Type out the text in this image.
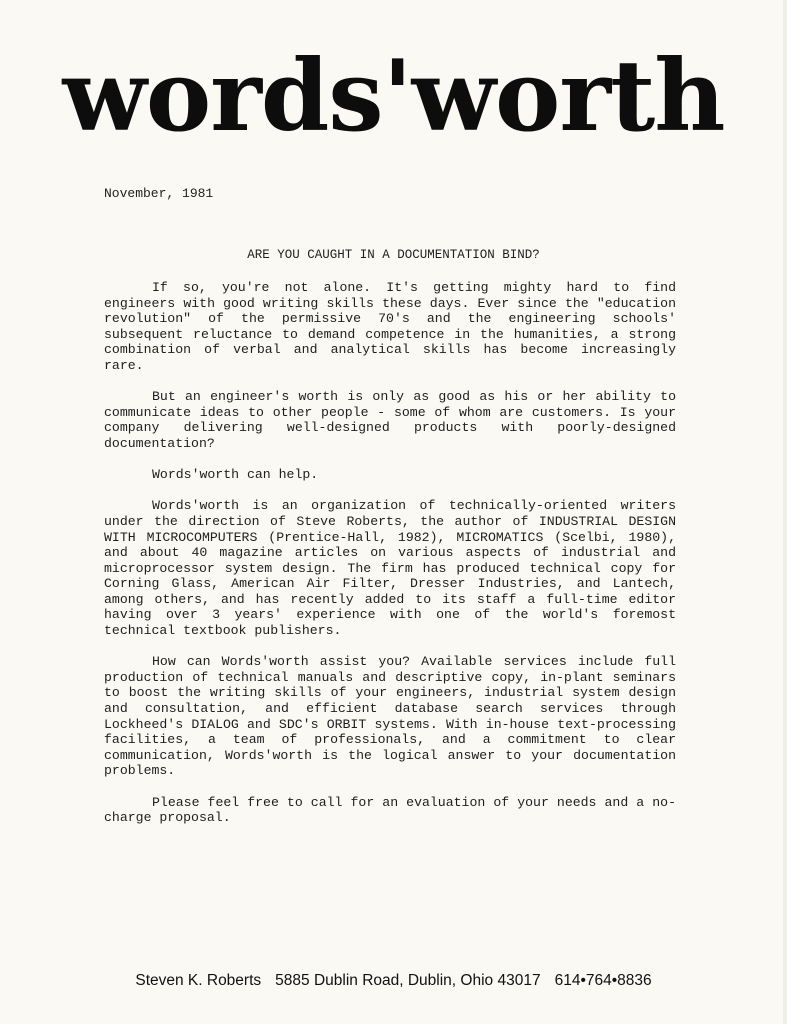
words'worth
November, 1981
ARE YOU CAUGHT IN A DOCUMENTATION BIND?

If so, you're not alone. It's getting mighty hard to find engineers with good writing skills these days. Ever since the "education revolution" of the permissive 70's and the engineering schools' subsequent reluctance to demand competence in the humanities, a strong combination of verbal and analytical skills has become increasingly rare.

But an engineer's worth is only as good as his or her ability to communicate ideas to other people - some of whom are customers. Is your company delivering well-designed products with poorly-designed documentation?

Words'worth can help.

Words'worth is an organization of technically-oriented writers under the direction of Steve Roberts, the author of INDUSTRIAL DESIGN WITH MICROCOMPUTERS (Prentice-Hall, 1982), MICROMATICS (Scelbi, 1980), and about 40 magazine articles on various aspects of industrial and microprocessor system design. The firm has produced technical copy for Corning Glass, American Air Filter, Dresser Industries, and Lantech, among others, and has recently added to its staff a full-time editor having over 3 years' experience with one of the world's foremost technical textbook publishers.

How can Words'worth assist you? Available services include full production of technical manuals and descriptive copy, in-plant seminars to boost the writing skills of your engineers, industrial system design and consultation, and efficient database search services through Lockheed's DIALOG and SDC's ORBIT systems. With in-house text-processing facilities, a team of professionals, and a commitment to clear communication, Words'worth is the logical answer to your documentation problems.

Please feel free to call for an evaluation of your needs and a no-charge proposal.

Steven K. Roberts 5885 Dublin Road, Dublin, Ohio 43017 614•764•8836
